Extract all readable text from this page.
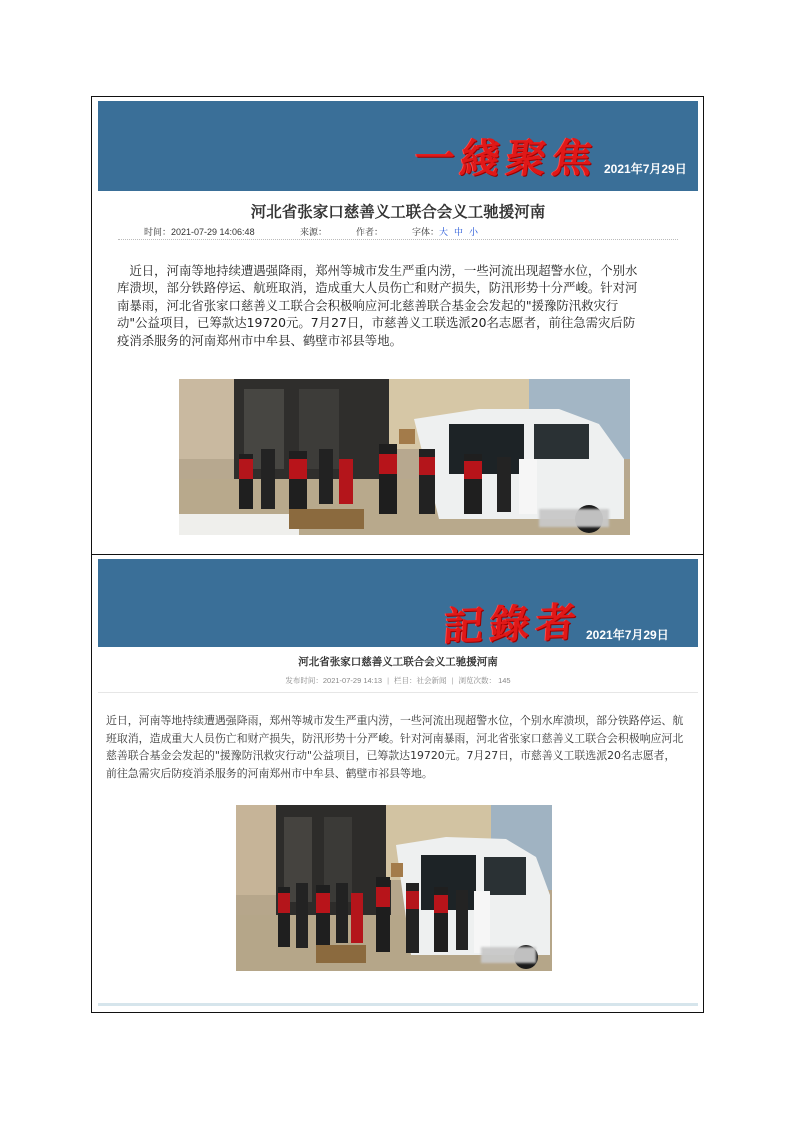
一綫聚焦 2021年7月29日
河北省张家口慈善义工联合会义工驰援河南
时间：2021-07-29 14:06:48	来源：	作者：	字体：大 中 小
　近日，河南等地持续遭遇强降雨，郑州等城市发生严重内涝，一些河流出现超警水位，个别水库溃坝，部分铁路停运、航班取消，造成重大人员伤亡和财产损失，防汛形势十分严峻。针对河南暴雨，河北省张家口慈善义工联合会积极响应河北慈善联合基金会发起的"援豫防汛救灾行动"公益项目，已筹款达19720元。7月27日，市慈善义工联选派20名志愿者，前往急需灾后防疫消杀服务的河南郑州市中牟县、鹤壁市祁县等地。
記錄者 2021年7月29日
河北省张家口慈善义工联合会义工驰援河南
发布时间：2021-07-29 14:13 | 栏目：社会新闻 | 浏览次数： 145
近日，河南等地持续遭遇强降雨，郑州等城市发生严重内涝，一些河流出现超警水位，个别水库溃坝，部分铁路停运、航班取消，造成重大人员伤亡和财产损失，防汛形势十分严峻。针对河南暴雨，河北省张家口慈善义工联合会积极响应河北慈善联合基金会发起的"援豫防汛救灾行动"公益项目，已筹款达19720元。7月27日，市慈善义工联选派20名志愿者，前往急需灾后防疫消杀服务的河南郑州市中牟县、鹤壁市祁县等地。
